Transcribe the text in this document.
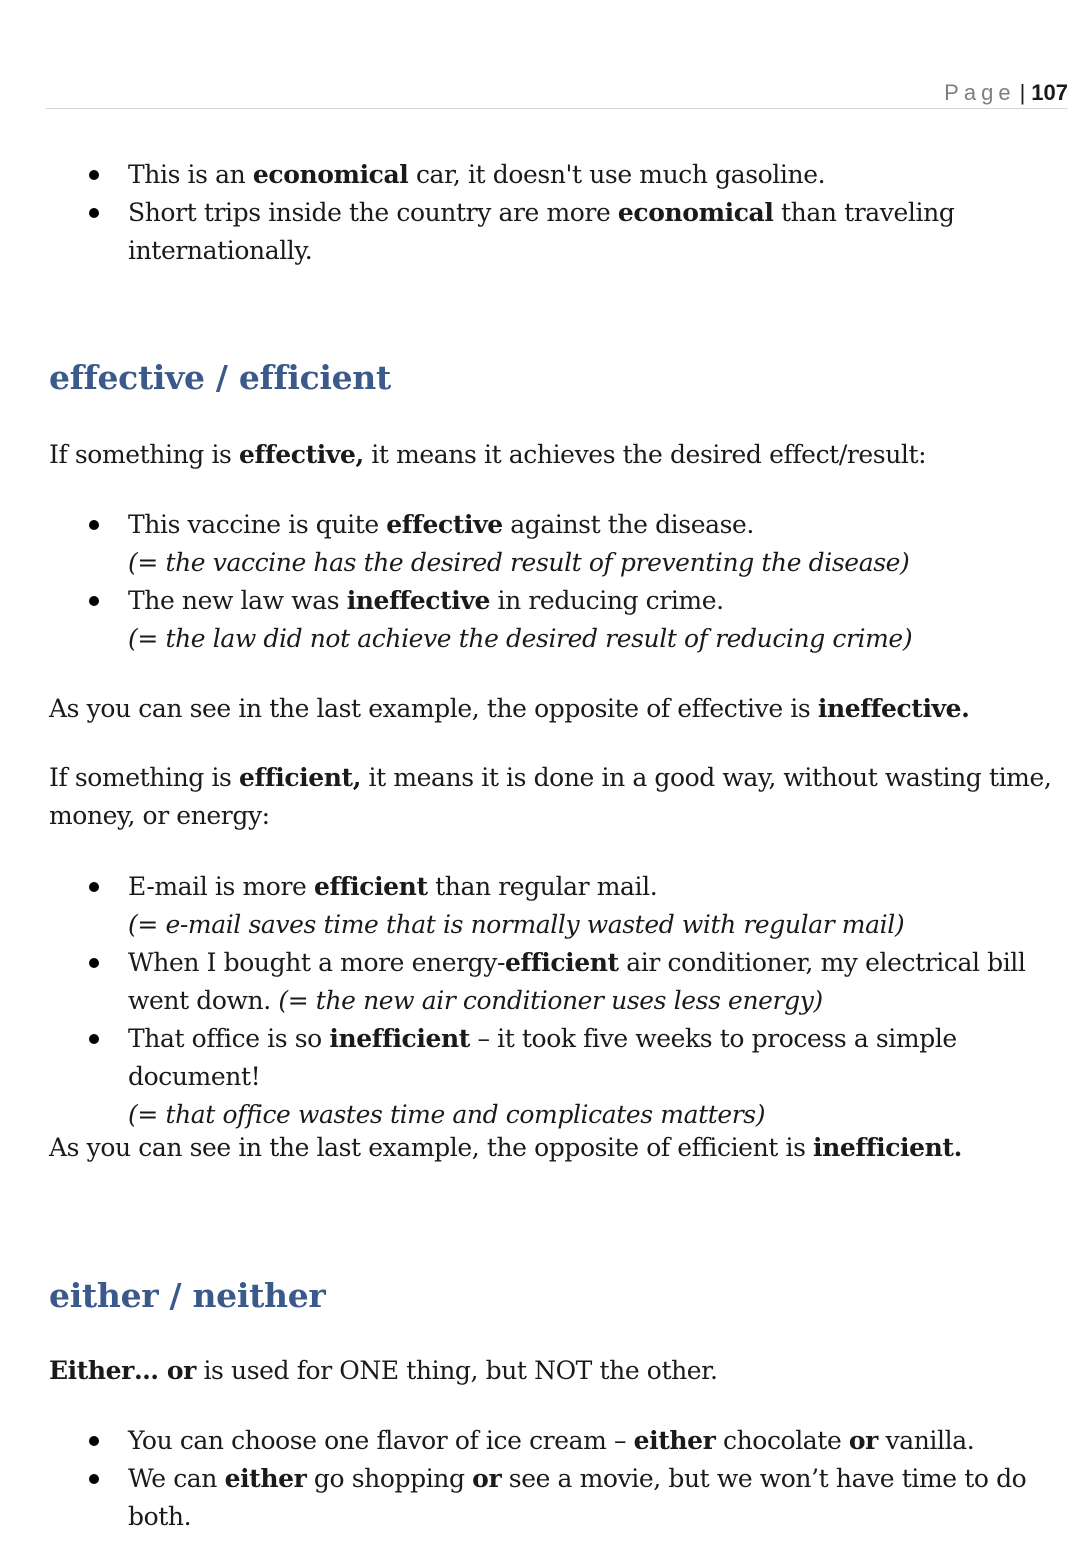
Page | 107
This is an economical car, it doesn't use much gasoline.
Short trips inside the country are more economical than traveling internationally.
effective / efficient
If something is effective, it means it achieves the desired effect/result:
This vaccine is quite effective against the disease.
(= the vaccine has the desired result of preventing the disease)
The new law was ineffective in reducing crime.
(= the law did not achieve the desired result of reducing crime)
As you can see in the last example, the opposite of effective is ineffective.
If something is efficient, it means it is done in a good way, without wasting time, money, or energy:
E-mail is more efficient than regular mail.
(= e-mail saves time that is normally wasted with regular mail)
When I bought a more energy-efficient air conditioner, my electrical bill went down. (= the new air conditioner uses less energy)
That office is so inefficient – it took five weeks to process a simple document!
(= that office wastes time and complicates matters)
As you can see in the last example, the opposite of efficient is inefficient.
either / neither
Either… or is used for ONE thing, but NOT the other.
You can choose one flavor of ice cream – either chocolate or vanilla.
We can either go shopping or see a movie, but we won’t have time to do both.
